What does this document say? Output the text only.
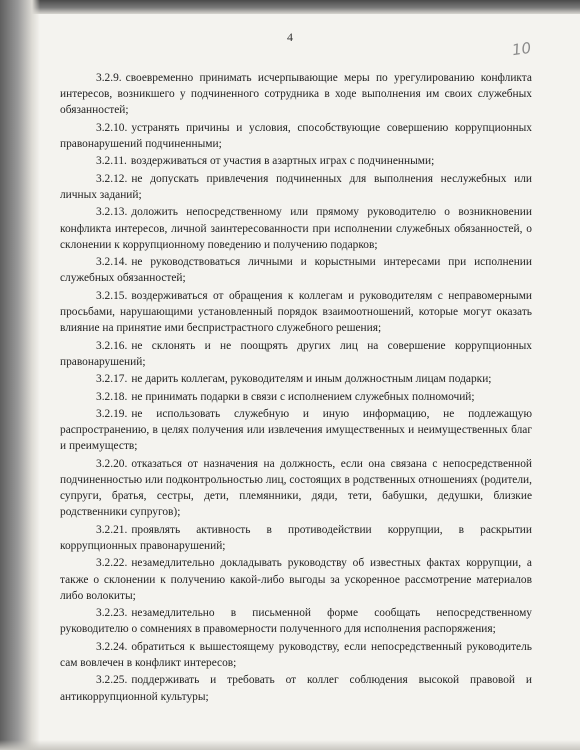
4
10

3.2.9. своевременно принимать исчерпывающие меры по урегулированию конфликта интересов, возникшего у подчиненного сотрудника в ходе выполнения им своих служебных обязанностей;

3.2.10. устранять причины и условия, способствующие совершению коррупционных правонарушений подчиненными;

3.2.11. воздерживаться от участия в азартных играх с подчиненными;

3.2.12. не допускать привлечения подчиненных для выполнения неслужебных или личных заданий;

3.2.13. доложить непосредственному или прямому руководителю о возникновении конфликта интересов, личной заинтересованности при исполнении служебных обязанностей, о склонении к коррупционному поведению и получению подарков;

3.2.14. не руководствоваться личными и корыстными интересами при исполнении служебных обязанностей;

3.2.15. воздерживаться от обращения к коллегам и руководителям с неправомерными просьбами, нарушающими установленный порядок взаимоотношений, которые могут оказать влияние на принятие ими беспристрастного служебного решения;

3.2.16. не склонять и не поощрять других лиц на совершение коррупционных правонарушений;

3.2.17. не дарить коллегам, руководителям и иным должностным лицам подарки;

3.2.18. не принимать подарки в связи с исполнением служебных полномочий;

3.2.19. не использовать служебную и иную информацию, не подлежащую распространению, в целях получения или извлечения имущественных и неимущественных благ и преимуществ;

3.2.20. отказаться от назначения на должность, если она связана с непосредственной подчиненностью или подконтрольностью лиц, состоящих в родственных отношениях (родители, супруги, братья, сестры, дети, племянники, дяди, тети, бабушки, дедушки, близкие родственники супругов);

3.2.21. проявлять активность в противодействии коррупции, в раскрытии коррупционных правонарушений;

3.2.22. незамедлительно докладывать руководству об известных фактах коррупции, а также о склонении к получению какой-либо выгоды за ускоренное рассмотрение материалов либо волокиты;

3.2.23. незамедлительно в письменной форме сообщать непосредственному руководителю о сомнениях в правомерности полученного для исполнения распоряжения;

3.2.24. обратиться к вышестоящему руководству, если непосредственный руководитель сам вовлечен в конфликт интересов;

3.2.25. поддерживать и требовать от коллег соблюдения высокой правовой и антикоррупционной культуры;
